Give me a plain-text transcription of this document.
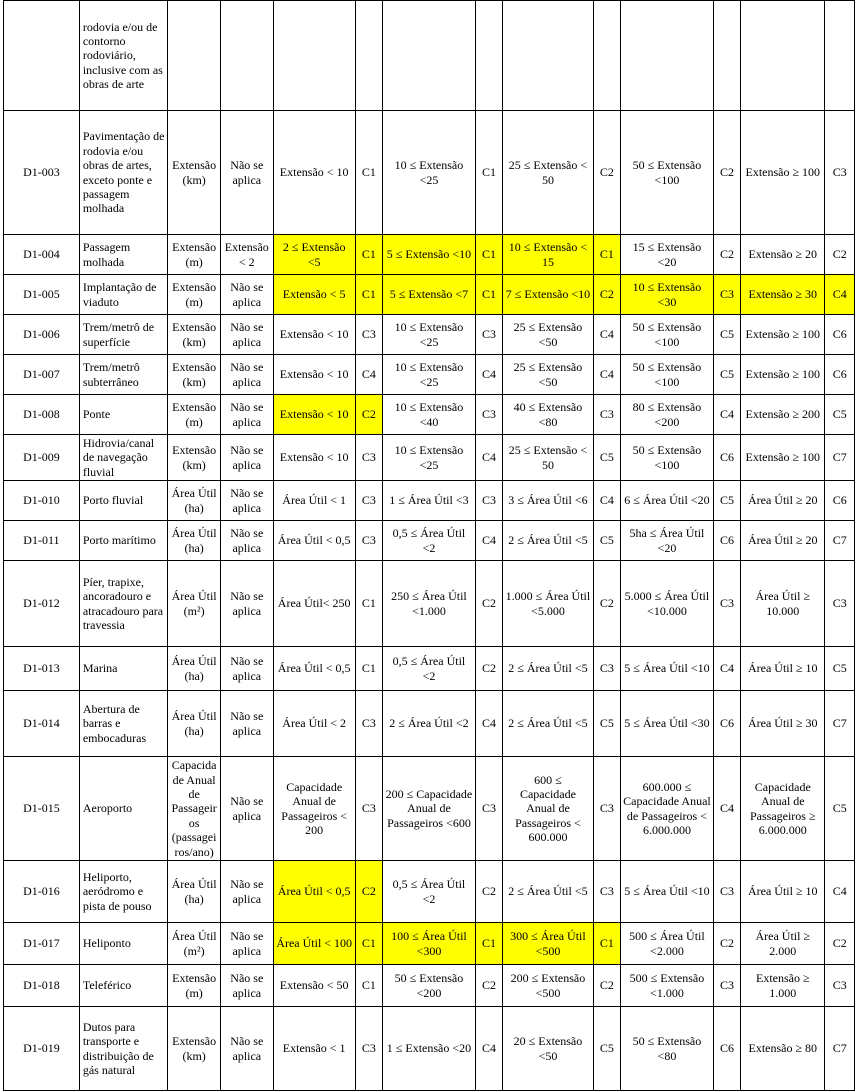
	rodovia e/ou de contorno rodoviário, inclusive com as obras de arte												
D1-003	Pavimentação de rodovia e/ou obras de artes, exceto ponte e passagem molhada	Extensão (km)	Não se aplica	Extensão < 10	C1	10 ≤ Extensão <25	C1	25 ≤ Extensão < 50	C2	50 ≤ Extensão <100	C2	Extensão ≥ 100	C3
D1-004	Passagem molhada	Extensão (m)	Extensão < 2	2 ≤ Extensão <5	C1	5 ≤ Extensão <10	C1	10 ≤ Extensão < 15	C1	15 ≤ Extensão <20	C2	Extensão ≥ 20	C2
D1-005	Implantação de viaduto	Extensão (m)	Não se aplica	Extensão < 5	C1	5 ≤ Extensão <7	C1	7 ≤ Extensão <10	C2	10 ≤ Extensão <30	C3	Extensão ≥ 30	C4
D1-006	Trem/metrô de superfície	Extensão (km)	Não se aplica	Extensão < 10	C3	10 ≤ Extensão <25	C3	25 ≤ Extensão <50	C4	50 ≤ Extensão <100	C5	Extensão ≥ 100	C6
D1-007	Trem/metrô subterrâneo	Extensão (km)	Não se aplica	Extensão < 10	C4	10 ≤ Extensão <25	C4	25 ≤ Extensão <50	C4	50 ≤ Extensão <100	C5	Extensão ≥ 100	C6
D1-008	Ponte	Extensão (m)	Não se aplica	Extensão < 10	C2	10 ≤ Extensão <40	C3	40 ≤ Extensão <80	C3	80 ≤ Extensão <200	C4	Extensão ≥ 200	C5
D1-009	Hidrovia/canal de navegação fluvial	Extensão (km)	Não se aplica	Extensão < 10	C3	10 ≤ Extensão <25	C4	25 ≤ Extensão < 50	C5	50 ≤ Extensão <100	C6	Extensão ≥ 100	C7
D1-010	Porto fluvial	Área Útil (ha)	Não se aplica	Área Útil < 1	C3	1 ≤ Área Útil <3	C3	3 ≤ Área Útil <6	C4	6 ≤ Área Útil <20	C5	Área Útil ≥ 20	C6
D1-011	Porto marítimo	Área Útil (ha)	Não se aplica	Área Útil < 0,5	C3	0,5 ≤ Área Útil <2	C4	2 ≤ Área Útil <5	C5	5ha ≤ Área Útil <20	C6	Área Útil ≥ 20	C7
D1-012	Píer, trapixe, ancoradouro e atracadouro para travessia	Área Útil (m²)	Não se aplica	Área Útil< 250	C1	250 ≤ Área Útil <1.000	C2	1.000 ≤ Área Útil <5.000	C2	5.000 ≤ Área Útil <10.000	C3	Área Útil ≥ 10.000	C3
D1-013	Marina	Área Útil (ha)	Não se aplica	Área Útil < 0,5	C1	0,5 ≤ Área Útil <2	C2	2 ≤ Área Útil <5	C3	5 ≤ Área Útil <10	C4	Área Útil ≥ 10	C5
D1-014	Abertura de barras e embocaduras	Área Útil (ha)	Não se aplica	Área Útil < 2	C3	2 ≤ Área Útil <2	C4	2 ≤ Área Útil <5	C5	5 ≤ Área Útil <30	C6	Área Útil ≥ 30	C7
D1-015	Aeroporto	Capacidade Anual de Passageiros (passageiros/ano)	Não se aplica	Capacidade Anual de Passageiros < 200	C3	200 ≤ Capacidade Anual de Passageiros <600	C3	600 ≤ Capacidade Anual de Passageiros < 600.000	C3	600.000 ≤ Capacidade Anual de Passageiros < 6.000.000	C4	Capacidade Anual de Passageiros ≥ 6.000.000	C5
D1-016	Heliporto, aeródromo e pista de pouso	Área Útil (ha)	Não se aplica	Área Útil < 0,5	C2	0,5 ≤ Área Útil <2	C2	2 ≤ Área Útil <5	C3	5 ≤ Área Útil <10	C3	Área Útil ≥ 10	C4
D1-017	Heliponto	Área Útil (m²)	Não se aplica	Área Útil < 100	C1	100 ≤ Área Útil <300	C1	300 ≤ Área Útil <500	C1	500 ≤ Área Útil <2.000	C2	Área Útil ≥ 2.000	C2
D1-018	Teleférico	Extensão (m)	Não se aplica	Extensão < 50	C1	50 ≤ Extensão <200	C2	200 ≤ Extensão <500	C2	500 ≤ Extensão <1.000	C3	Extensão ≥ 1.000	C3
D1-019	Dutos para transporte e distribuição de gás natural	Extensão (km)	Não se aplica	Extensão < 1	C3	1 ≤ Extensão <20	C4	20 ≤ Extensão <50	C5	50 ≤ Extensão <80	C6	Extensão ≥ 80	C7
